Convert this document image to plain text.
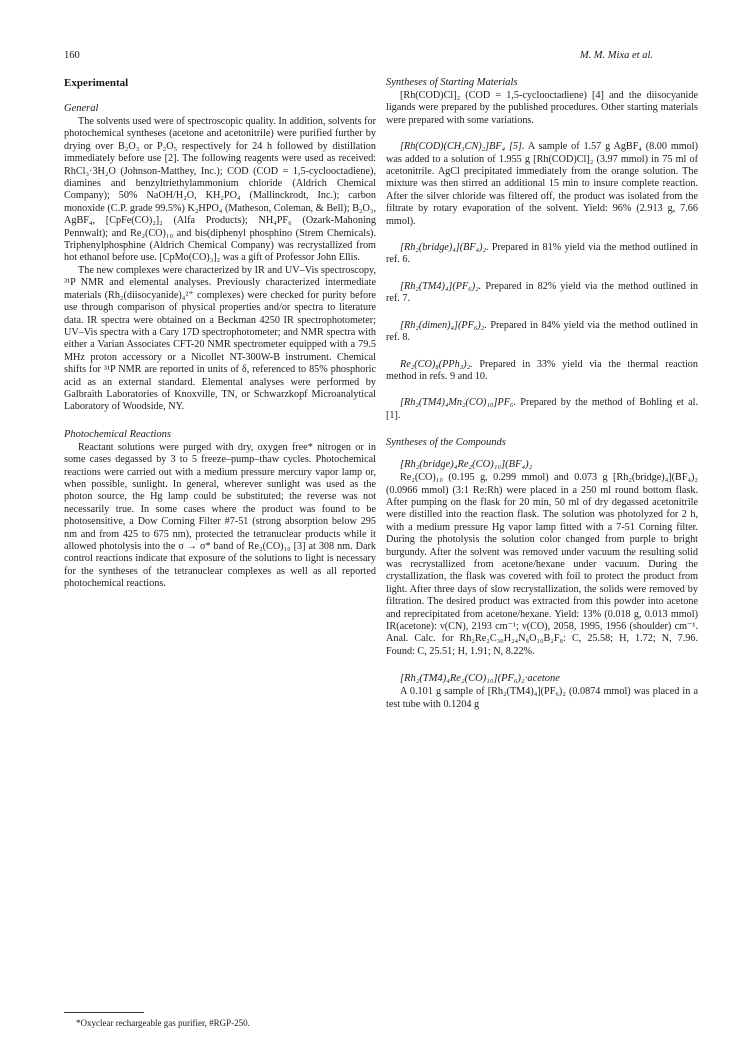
160	M. M. Mixa et al.
Experimental
General

The solvents used were of spectroscopic quality. In addition, solvents for photochemical syntheses (acetone and acetonitrile) were purified further by drying over B₂O₃ or P₂O₅ respectively for 24 h followed by distillation immediately before use [2]. The following reagents were used as received: RhCl₃·3H₂O (Johnson-Matthey, Inc.); COD (COD = 1,5-cyclooctadiene), diamines and benzyltriethylammonium chloride (Aldrich Chemical Company); 50% NaOH/H₂O, KH₂PO₄ (Mallinckrodt, Inc.); carbon monoxide (C.P. grade 99.5%) K₂HPO₄ (Matheson, Coleman, & Bell); B₂O₃, AgBF₄, [CpFe(CO)₂]₂ (Alfa Products); NH₄PF₆ (Ozark-Mahoning Pennwalt); and Re₂(CO)₁₀ and bis(diphenyl phosphino (Strem Chemicals). Triphenylphosphine (Aldrich Chemical Company) was recrystallized from hot ethanol before use. [CpMo(CO)₃]₂ was a gift of Professor John Ellis.

The new complexes were characterized by IR and UV–Vis spectroscopy, ³¹P NMR and elemental analyses. Previously characterized intermediate materials (Rh₂(diisocyanide)₄²⁺ complexes) were checked for purity before use through comparison of physical properties and/or spectra to literature data. IR spectra were obtained on a Beckman 4250 IR spectrophotometer; UV–Vis spectra with a Cary 17D spectrophotometer; and NMR spectra with either a Varian Associates CFT-20 NMR spectrometer equipped with a 79.5 MHz proton accessory or a Nicollet NT-300W-B instrument. Chemical shifts for ³¹P NMR are reported in units of δ, referenced to 85% phosphoric acid as an external standard. Elemental analyses were performed by Galbraith Laboratories of Knoxville, TN, or Schwarzkopf Microanalytical Laboratory of Woodside, NY.

Photochemical Reactions

Reactant solutions were purged with dry, oxygen free* nitrogen or in some cases degassed by 3 to 5 freeze–pump–thaw cycles. Photochemical reactions were carried out with a medium pressure mercury vapor lamp or, when possible, sunlight. In general, wherever sunlight was used as the photon source, the Hg lamp could be substituted; the reverse was not necessarily true. In some cases where the product was found to be photosensitive, a Dow Corning Filter #7-51 (strong absorption below 295 nm and from 425 to 675 nm), protected the tetranuclear products while it allowed photolysis into the σ → σ* band of Re₂(CO)₁₀ [3] at 308 nm. Dark control reactions indicate that exposure of the solutions to light is necessary for the syntheses of the tetranuclear complexes as well as all reported photochemical reactions.

Syntheses of Starting Materials

[Rh(COD)Cl]₂ (COD = 1,5-cyclooctadiene) [4] and the diisocyanide ligands were prepared by the published procedures. Other starting materials were prepared with some variations.

[Rh(COD)(CH₃CN)₂]BF₄ [5]. A sample of 1.57 g AgBF₄ (8.00 mmol) was added to a solution of 1.955 g [Rh(COD)Cl]₂ (3.97 mmol) in 75 ml of acetonitrile. AgCl precipitated immediately from the orange solution. The mixture was then stirred an additional 15 min to insure complete reaction. After the silver chloride was filtered off, the product was isolated from the filtrate by rotary evaporation of the solvent. Yield: 96% (2.913 g, 7.66 mmol).

[Rh₂(bridge)₄](BF₄)₂. Prepared in 81% yield via the method outlined in ref. 6.

[Rh₂(TM4)₄](PF₆)₂. Prepared in 82% yield via the method outlined in ref. 7.

[Rh₂(dimen)₄](PF₆)₂. Prepared in 84% yield via the method outlined in ref. 8.

Re₂(CO)₈(PPh₃)₂. Prepared in 33% yield via the thermal reaction method in refs. 9 and 10.

[Rh₂(TM4)₄Mn₂(CO)₁₀]PF₆. Prepared by the method of Bohling et al. [1].

Syntheses of the Compounds
[Rh₂(bridge)₄Re₂(CO)₁₀](BF₄)₂

Re₂(CO)₁₀ (0.195 g, 0.299 mmol) and 0.073 g [Rh₂(bridge)₄](BF₄)₂ (0.0966 mmol) (3:1 Re:Rh) were placed in a 250 ml round bottom flask. After pumping on the flask for 20 min, 50 ml of dry degassed acetonitrile were distilled into the reaction flask. The solution was photolyzed for 2 h, with a medium pressure Hg vapor lamp fitted with a 7-51 Corning filter. During the photolysis the solution color changed from purple to bright burgundy. After the solvent was removed under vacuum the resulting solid was recrystallized from acetone/hexane under vacuum. During the crystallization, the flask was covered with foil to protect the product from light. After three days of slow recrystallization, the solids were removed by filtration. The desired product was extracted from this powder into acetone and reprecipitated from acetone/hexane. Yield: 13% (0.018 g, 0.013 mmol) IR(acetone): ν(CN), 2193 cm⁻¹; ν(CO), 2058, 1995, 1956 (shoulder) cm⁻¹. Anal. Calc. for Rh₂Re₂C₃₀H₂₄N₈O₁₀B₂F₈: C, 25.58; H, 1.72; N, 7.96. Found: C, 25.51; H, 1.91; N, 8.22%.

[Rh₂(TM4)₄Re₂(CO)₁₀](PF₆)₂·acetone

A 0.101 g sample of [Rh₂(TM4)₄](PF₆)₂ (0.0874 mmol) was placed in a test tube with 0.1204 g

*Oxyclear rechargeable gas purifier, #RGP-250.
